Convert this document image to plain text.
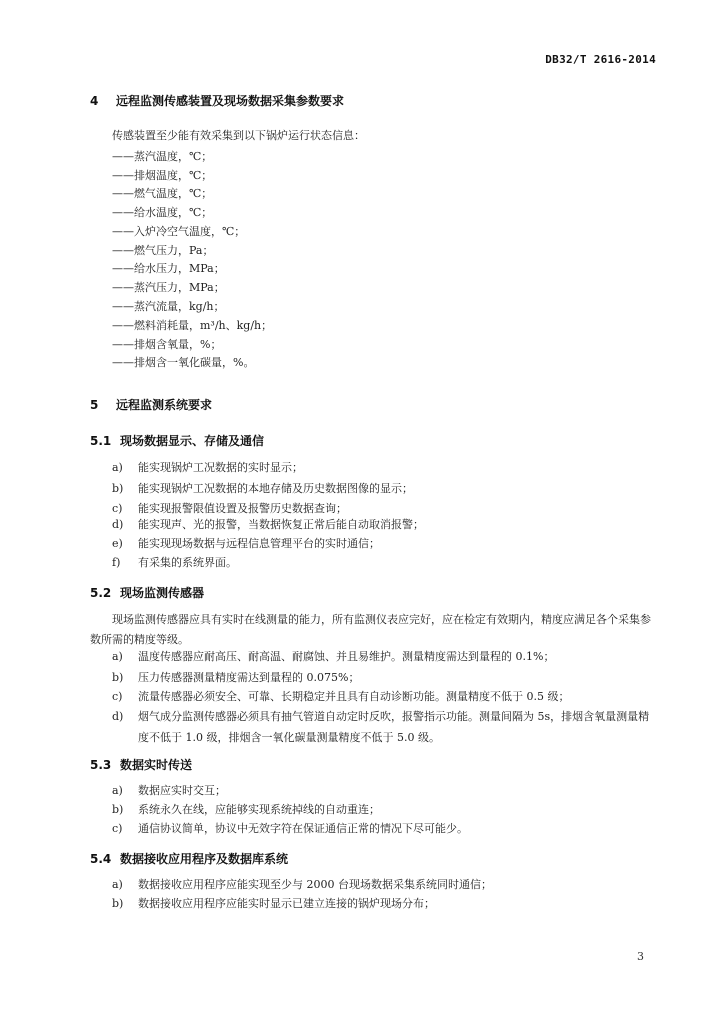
DB32/T 2616-2014
4 远程监测传感装置及现场数据采集参数要求
传感装置至少能有效采集到以下锅炉运行状态信息：
——蒸汽温度，℃；
——排烟温度，℃；
——燃气温度，℃；
——给水温度，℃；
——入炉冷空气温度，℃；
——燃气压力，Pa；
——给水压力，MPa；
——蒸汽压力，MPa；
——蒸汽流量，kg/h；
——燃料消耗量，m³/h、kg/h；
——排烟含氧量，%；
——排烟含一氧化碳量，%。
5 远程监测系统要求
5.1 现场数据显示、存储及通信
a) 能实现锅炉工况数据的实时显示；
b) 能实现锅炉工况数据的本地存储及历史数据图像的显示；
c) 能实现报警限值设置及报警历史数据查询；
d) 能实现声、光的报警，当数据恢复正常后能自动取消报警；
e) 能实现现场数据与远程信息管理平台的实时通信；
f) 有采集的系统界面。
5.2 现场监测传感器
现场监测传感器应具有实时在线测量的能力，所有监测仪表应完好，应在检定有效期内，精度应满足各个采集参数所需的精度等级。
a)	温度传感器应耐高压、耐高温、耐腐蚀、并且易维护。测量精度需达到量程的 0.1%；
b)	压力传感器测量精度需达到量程的 0.075%；
c)	流量传感器必须安全、可靠、长期稳定并且具有自动诊断功能。测量精度不低于 0.5 级；
d)	烟气成分监测传感器必须具有抽气管道自动定时反吹，报警指示功能。测量间隔为 5s，排烟含氧量测量精度不低于 1.0 级，排烟含一氧化碳量测量精度不低于 5.0 级。
5.3 数据实时传送
a) 数据应实时交互；
b) 系统永久在线，应能够实现系统掉线的自动重连；
c) 通信协议简单，协议中无效字符在保证通信正常的情况下尽可能少。
5.4 数据接收应用程序及数据库系统
a) 数据接收应用程序应能实现至少与 2000 台现场数据采集系统同时通信；
b) 数据接收应用程序应能实时显示已建立连接的锅炉现场分布；
3
